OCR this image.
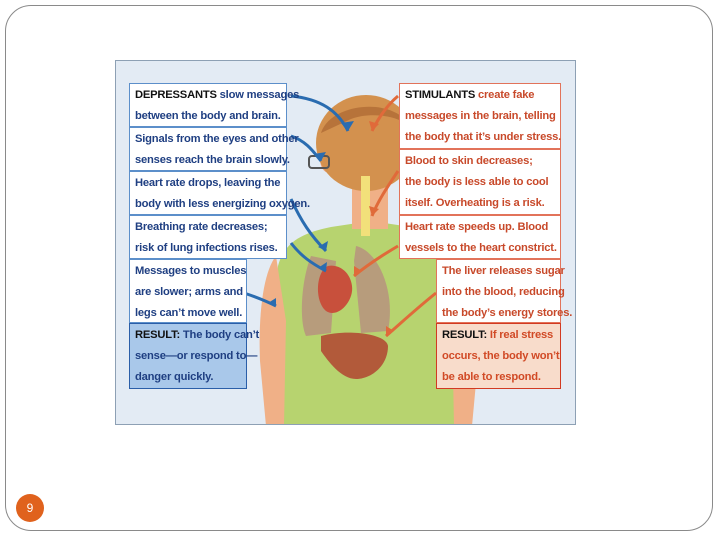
DEPRESSANTS slow messages
between the body and brain.
Signals from the eyes and other
senses reach the brain slowly.
Heart rate drops, leaving the
body with less energizing oxygen.
Breathing rate decreases;
risk of lung infections rises.
Messages to muscles
are slower; arms and
legs can’t move well.
RESULT: The body can’t
sense—or respond to—
danger quickly.
STIMULANTS create fake
messages in the brain, telling
the body that it’s under stress.
Blood to skin decreases;
the body is less able to cool
itself. Overheating is a risk.
Heart rate speeds up. Blood
vessels to the heart constrict.
The liver releases sugar
into the blood, reducing
the body’s energy stores.
RESULT: If real stress
occurs, the body won’t
be able to respond.
9
